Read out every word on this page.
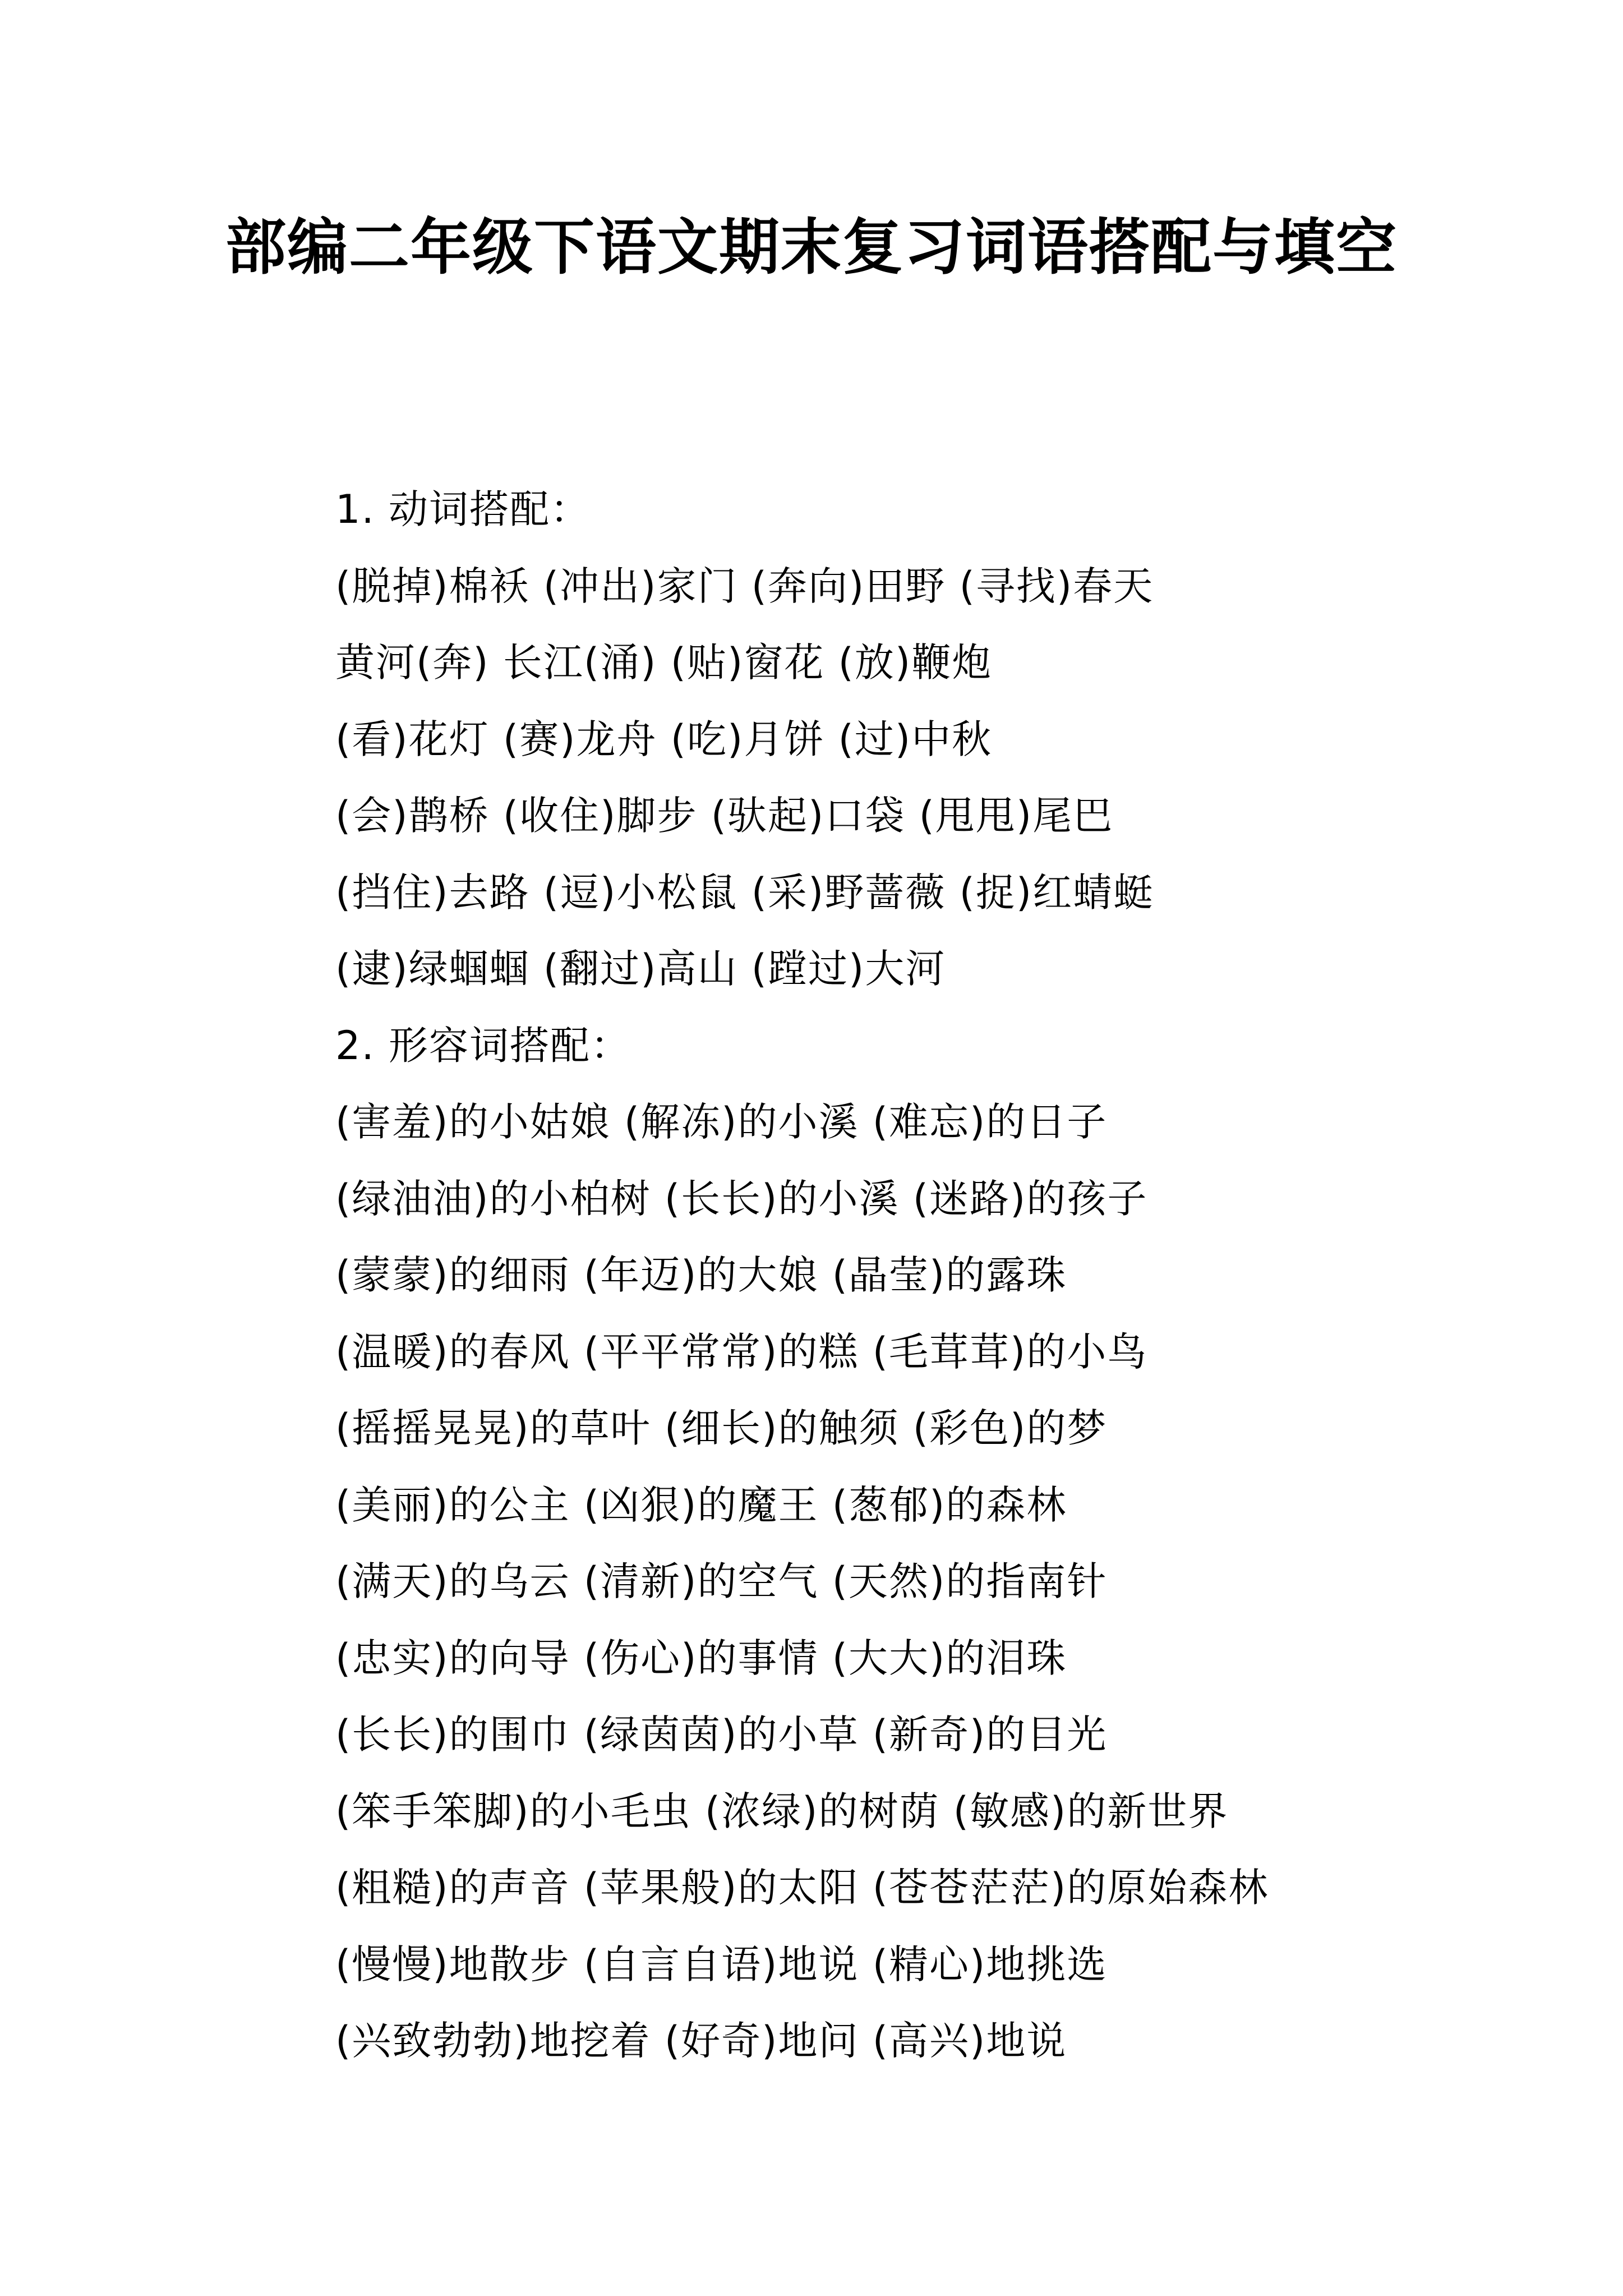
部编二年级下语文期末复习词语搭配与填空
1. 动词搭配：
(脱掉)棉袄 (冲出)家门 (奔向)田野 (寻找)春天
黄河(奔) 长江(涌) (贴)窗花 (放)鞭炮
(看)花灯 (赛)龙舟 (吃)月饼 (过)中秋
(会)鹊桥 (收住)脚步 (驮起)口袋 (甩甩)尾巴
(挡住)去路 (逗)小松鼠 (采)野蔷薇 (捉)红蜻蜓
(逮)绿蝈蝈 (翻过)高山 (蹚过)大河
2. 形容词搭配：
(害羞)的小姑娘 (解冻)的小溪 (难忘)的日子
(绿油油)的小柏树 (长长)的小溪 (迷路)的孩子
(蒙蒙)的细雨 (年迈)的大娘 (晶莹)的露珠
(温暖)的春风 (平平常常)的糕 (毛茸茸)的小鸟
(摇摇晃晃)的草叶 (细长)的触须 (彩色)的梦
(美丽)的公主 (凶狠)的魔王 (葱郁)的森林
(满天)的乌云 (清新)的空气 (天然)的指南针
(忠实)的向导 (伤心)的事情 (大大)的泪珠
(长长)的围巾 (绿茵茵)的小草 (新奇)的目光
(笨手笨脚)的小毛虫 (浓绿)的树荫 (敏感)的新世界
(粗糙)的声音 (苹果般)的太阳 (苍苍茫茫)的原始森林
(慢慢)地散步 (自言自语)地说 (精心)地挑选
(兴致勃勃)地挖着 (好奇)地问 (高兴)地说
